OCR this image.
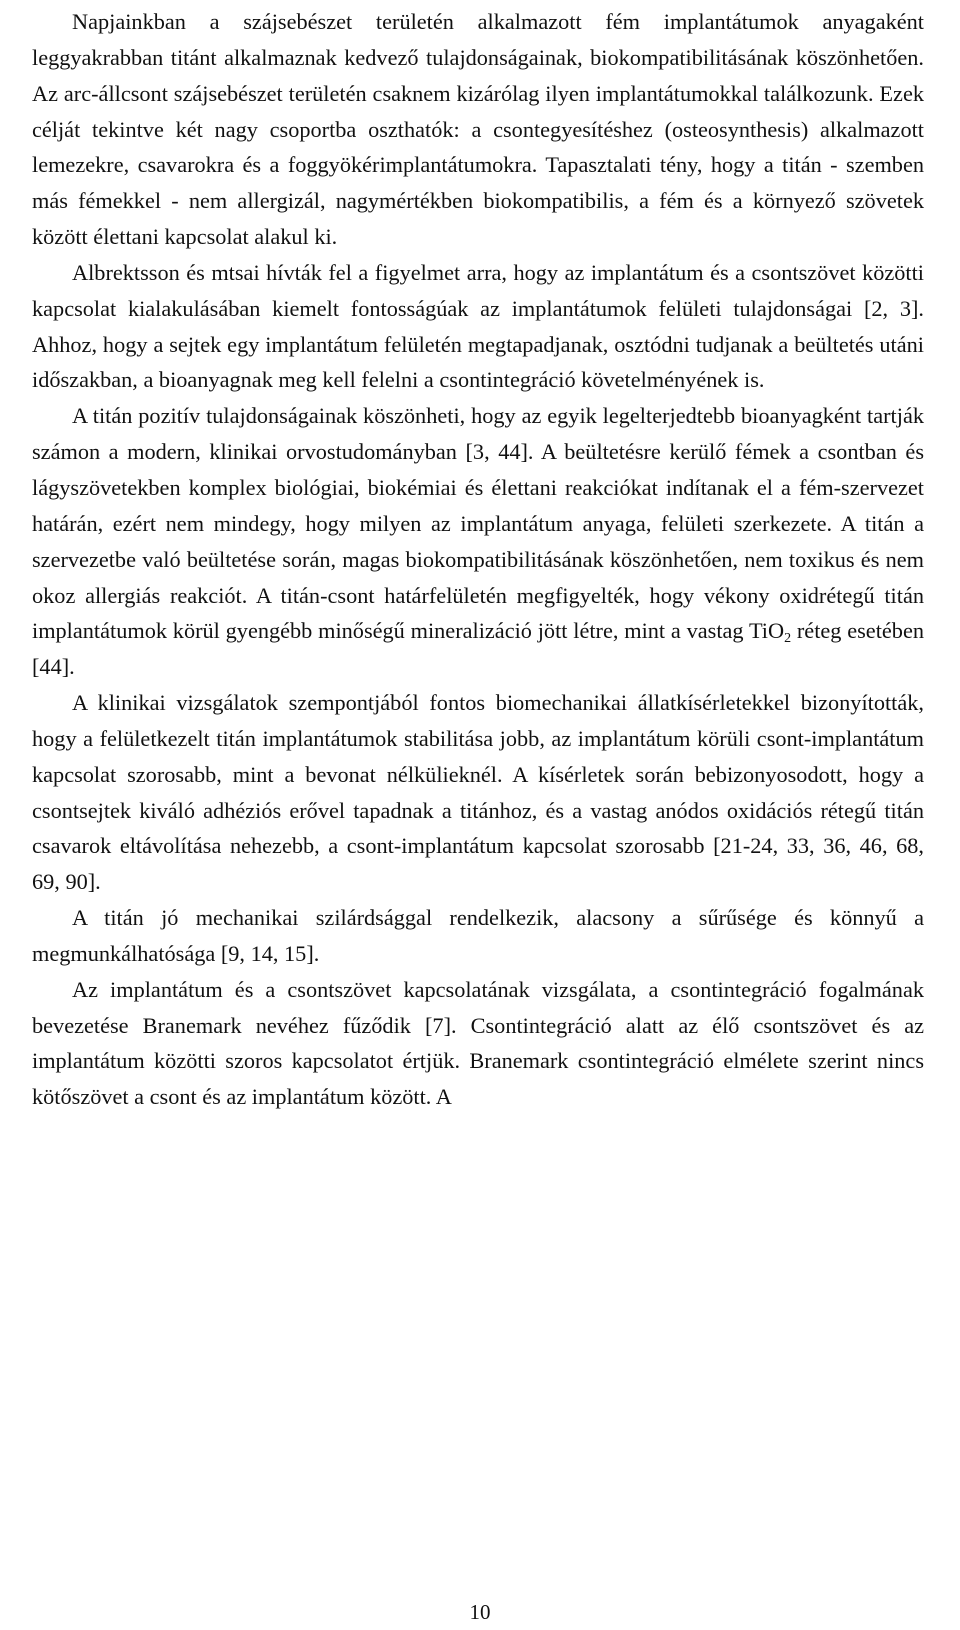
Napjainkban a szájsebészet területén alkalmazott fém implantátumok anyagaként leggyakrabban titánt alkalmaznak kedvező tulajdonságainak, biokompatibilitásának köszönhetően. Az arc-állcsont szájsebészet területén csaknem kizárólag ilyen implantátumokkal találkozunk. Ezek célját tekintve két nagy csoportba oszthatók: a csontegyesítéshez (osteosynthesis) alkalmazott lemezekre, csavarokra és a foggyökérimplantátumokra. Tapasztalati tény, hogy a titán - szemben más fémekkel - nem allergizál, nagymértékben biokompatibilis, a fém és a környező szövetek között élettani kapcsolat alakul ki.

Albrektsson és mtsai hívták fel a figyelmet arra, hogy az implantátum és a csontszövet közötti kapcsolat kialakulásában kiemelt fontosságúak az implantátumok felületi tulajdonságai [2, 3]. Ahhoz, hogy a sejtek egy implantátum felületén megtapadjanak, osztódni tudjanak a beültetés utáni időszakban, a bioanyagnak meg kell felelni a csontintegráció követelményének is.

A titán pozitív tulajdonságainak köszönheti, hogy az egyik legelterjedtebb bioanyagként tartják számon a modern, klinikai orvostudományban [3, 44]. A beültetésre kerülő fémek a csontban és lágyszövetekben komplex biológiai, biokémiai és élettani reakciókat indítanak el a fém-szervezet határán, ezért nem mindegy, hogy milyen az implantátum anyaga, felületi szerkezete. A titán a szervezetbe való beültetése során, magas biokompatibilitásának köszönhetően, nem toxikus és nem okoz allergiás reakciót. A titán-csont határfelületén megfigyelték, hogy vékony oxidrétegű titán implantátumok körül gyengébb minőségű mineralizáció jött létre, mint a vastag TiO$_2$ réteg esetében [44].

A klinikai vizsgálatok szempontjából fontos biomechanikai állatkísérletekkel bizonyították, hogy a felületkezelt titán implantátumok stabilitása jobb, az implantátum körüli csont-implantátum kapcsolat szorosabb, mint a bevonat nélkülieknél. A kísérletek során bebizonyosodott, hogy a csontsejtek kiváló adhéziós erővel tapadnak a titánhoz, és a vastag anódos oxidációs rétegű titán csavarok eltávolítása nehezebb, a csont-implantátum kapcsolat szorosabb [21-24, 33, 36, 46, 68, 69, 90].

A titán jó mechanikai szilárdsággal rendelkezik, alacsony a sűrűsége és könnyű a megmunkálhatósága [9, 14, 15].

Az implantátum és a csontszövet kapcsolatának vizsgálata, a csontintegráció fogalmának bevezetése Branemark nevéhez fűződik [7]. Csontintegráció alatt az élő csontszövet és az implantátum közötti szoros kapcsolatot értjük. Branemark csontintegráció elmélete szerint nincs kötőszövet a csont és az implantátum között. A

10
